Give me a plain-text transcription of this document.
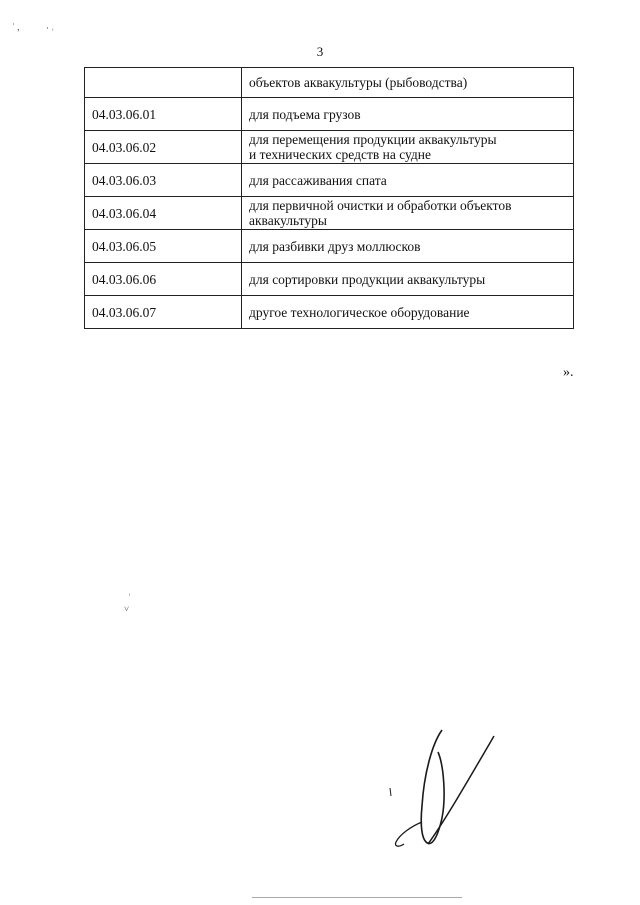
3
	объектов аквакультуры (рыбоводства)
04.03.06.01	для подъема грузов
04.03.06.02	для перемещения продукции аквакультуры
и технических средств на судне
04.03.06.03	для рассаживания спата
04.03.06.04	для первичной очистки и обработки объектов
аквакультуры
04.03.06.05	для разбивки друз моллюсков
04.03.06.06	для сортировки продукции аквакультуры
04.03.06.07	другое технологическое оборудование
».
˙ ,	· ˒
˒
˅
